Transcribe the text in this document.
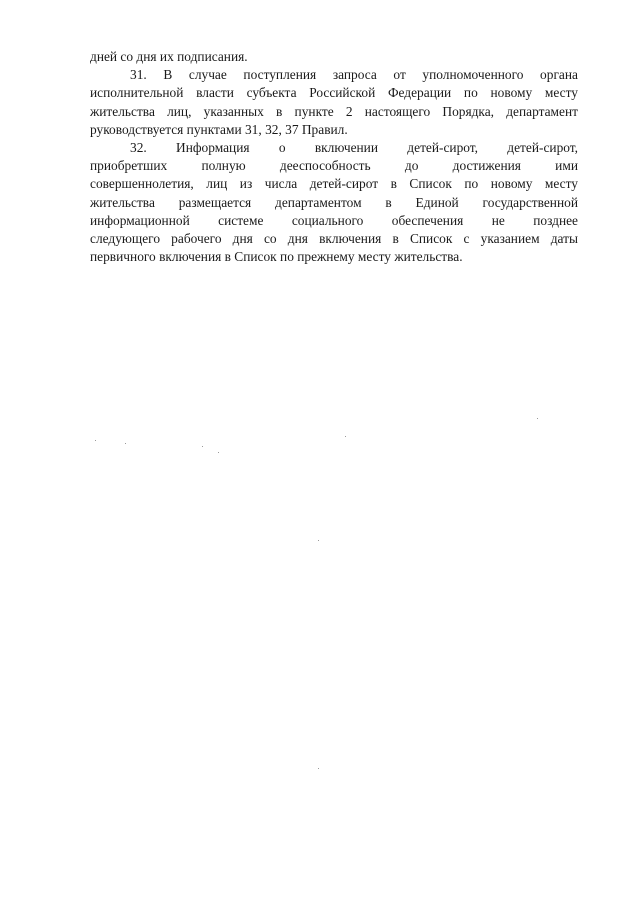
дней со дня их подписания.
31. В случае поступления запроса от уполномоченного органа
исполнительной власти субъекта Российской Федерации по новому месту
жительства лиц, указанных в пункте 2 настоящего Порядка, департамент
руководствуется пунктами 31, 32, 37 Правил.
32. Информация о включении детей-сирот, детей-сирот,
приобретших полную дееспособность до достижения ими
совершеннолетия, лиц из числа детей-сирот в Список по новому месту
жительства размещается департаментом в Единой государственной
информационной системе социального обеспечения не позднее
следующего рабочего дня со дня включения в Список с указанием даты
первичного включения в Список по прежнему месту жительства.
